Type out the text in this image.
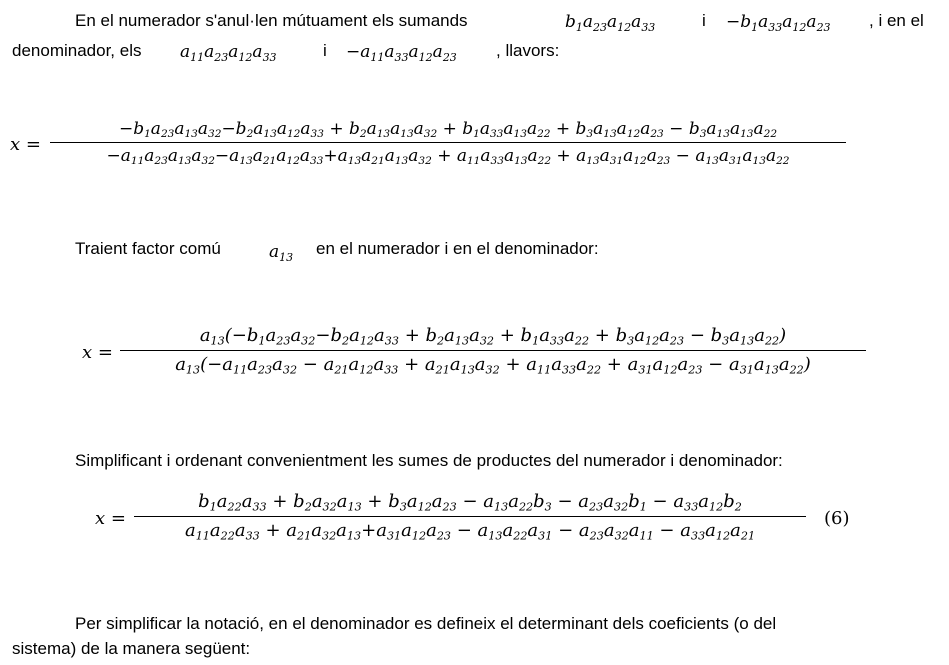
En el numerador s'anul·len mútuament els sumands	$b_1a_{23}a_{12}a_{33}$	$i -b_1a_{33}a_{12}a_{23}$ , i en el
denominador, els $a_{11}a_{23}a_{12}a_{33}$	$i -a_{11}a_{33}a_{12}a_{23}$ , llavors:
x =
$-b_1a_{23}a_{13}a_{32}-b_2a_{13}a_{12}a_{33} + b_2a_{13}a_{13}a_{32} + b_1a_{33}a_{13}a_{22} + b_3a_{13}a_{12}a_{23} - b_3a_{13}a_{13}a_{22}$
$-a_{11}a_{23}a_{13}a_{32}-a_{13}a_{21}a_{12}a_{33}+a_{13}a_{21}a_{13}a_{32} + a_{11}a_{33}a_{13}a_{22} + a_{13}a_{31}a_{12}a_{23} - a_{13}a_{31}a_{13}a_{22}$
Traient factor comú	$a_{13}$ en el numerador i en el denominador:
x =
$a_{13}(-b_1a_{23}a_{32}-b_2a_{12}a_{33} + b_2a_{13}a_{32} + b_1a_{33}a_{22} + b_3a_{12}a_{23} - b_3a_{13}a_{22})$
$a_{13}(-a_{11}a_{23}a_{32} - a_{21}a_{12}a_{33} + a_{21}a_{13}a_{32} + a_{11}a_{33}a_{22} + a_{31}a_{12}a_{23} - a_{31}a_{13}a_{22})$
Simplificant i ordenant convenientment les sumes de productes del numerador i denominador:
x =
$b_1a_{22}a_{33} + b_2a_{32}a_{13} + b_3a_{12}a_{23} - a_{13}a_{22}b_3 - a_{23}a_{32}b_1 - a_{33}a_{12}b_2$
$a_{11}a_{22}a_{33} + a_{21}a_{32}a_{13}+a_{31}a_{12}a_{23} - a_{13}a_{22}a_{31} - a_{23}a_{32}a_{11} - a_{33}a_{12}a_{21}$
(6)
Per simplificar la notació, en el denominador es defineix el determinant dels coeficients (o del
sistema) de la manera següent:
